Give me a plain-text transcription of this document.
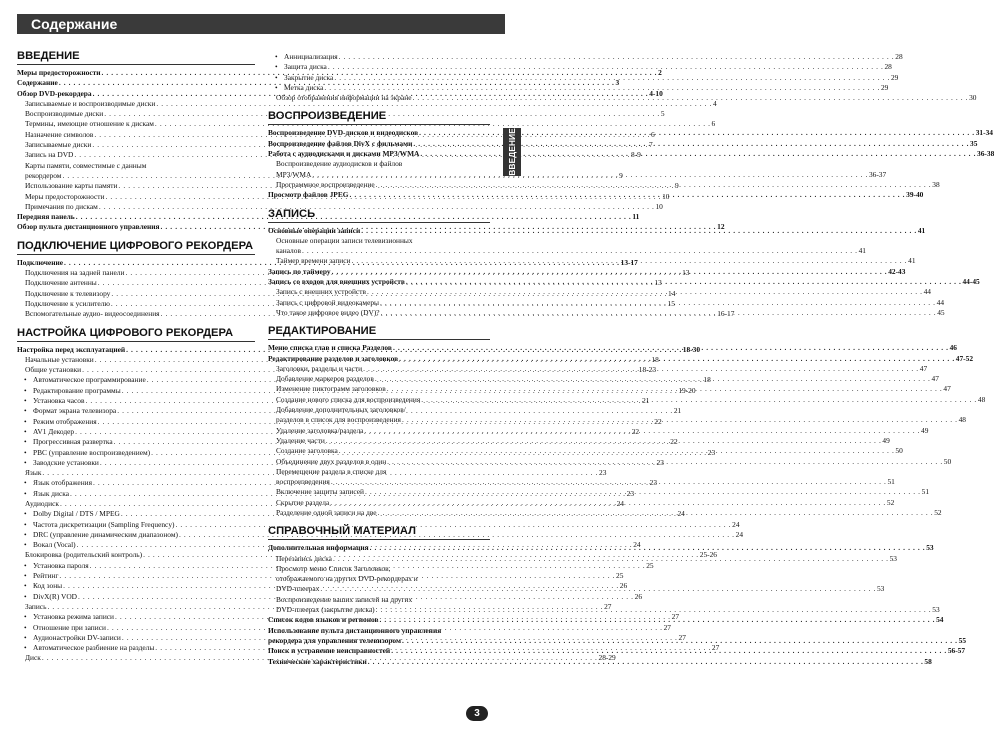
Содержание
ВВЕДЕНИЕ
Меры предосторожности . . .	2
Содержание . . .	3
Обзор DVD-рекордера . . .	4-10
Записываемые и воспроизводимые диски . . .	4
Воспроизводимые диски . . .	5
Термины, имеющие отношение к дискам . . .	6
Назначение символов . . .	6
Записываемые диски . . .	7
Запись на DVD . . .	8-9
Карты памяти, совместимые с данным
рекордером . . .	9
Использование карты памяти . . .	9
Меры предосторожности . . .	10
Примечания по дискам . . .	10
Передняя панель . . .	11
Обзор пульта дистанционного управления . . .	12
ПОДКЛЮЧЕНИЕ ЦИФРОВОГО РЕКОРДЕРА
Подключение . . .	13-17
Подключения на задней панели . . .	13
Подключение антенны . . .	13
Подключение к телевизору . . .	14
Подключение к усилителю . . .	15
Вспомогательные аудио- видеосоединения . . .	16-17
НАСТРОЙКА ЦИФРОВОГО РЕКОРДЕРА
Настройка перед эксплуатацией . . .	18-30
Начальные установки . . .	18
Общие установки . . .	18-23
• Автоматическое программирование . . .	18
• Редактирование программы . . .	19-20
• Установка часов . . .	21
• Формат экрана телевизора . . .	21
• Режим отображения . . .	22
• AV1 Декодер . . .	22
• Прогрессивная развертка . . .	22
• PBC (управление воспроизведением) . . .	23
• Заводские установки . . .	23
Язык . . .	23
• Язык отображения . . .	23
• Язык диска . . .	23
Аудиодиск . . .	24
• Dolby Digital / DTS / MPEG . . .	24
• Частота дискретизации (Sampling Frequency) . . .	24
• DRC (управление динамическим диапазоном) . . .	24
• Вокал (Vocal) . . .	24
Блокировка (родительский контроль) . . .	25-26
• Установка пароля . . .	25
• Рейтинг . . .	25
• Код зоны . . .	26
• DivX(R) VOD . . .	26
Запись . . .	27
• Установка режима записи . . .	27
• Отношение при записи . . .	27
• Аудионастройки DV-записи . . .	27
• Автоматическое разбиение на разделы . . .	27
Диск . . .	28-29
• Аннициализация . . .	28
• Защита диска . . .	28
• Закрытие диска . . .	29
• Метка диска . . .	29
Обзор отображения информации на экране . . .	30
ВОСПРОИЗВЕДЕНИЕ
Воспроизведение DVD-дисков и видеодисков . . .	31-34
Воспроизведение файлов DivX с фильмами . . .	35
Работа с аудиодисками и дисками MP3/WMA . . .	36-38
Воспроизведение аудиодисков и файлов
MP3/WMA . . .	36-37
Программное воспроизведение . . .	38
Просмотр файлов JPEG . . .	39-40
ЗАПИСЬ
Основные операции записи . . .	41
Основные операции записи телевизионных
каналов . . .	41
Таймер времени записи . . .	41
Запись по таймеру . . .	42-43
Запись со входов для внешних устройств . . .	44-45
Запись с внешних устройств . . .	44
Запись с цифровой видеокамеры . . .	44
Что такое цифровое видео (DV)? . . .	45
РЕДАКТИРОВАНИЕ
Меню списка глав и списка Разделов . . .	46
Редактирование разделов и заголовков . . .	47-52
Заголовки, разделы и части . . .	47
Добавление маркеров разделов . . .	47
Изменение пиктограмм заголовков . . .	47
Создание нового списка для воспроизведения . . .	48
Добавление дополнительных заголовков/
разделов в список для воспроизведения . . .	48
Удаление заголовка/раздела . . .	49
Удаление части . . .	49
Создание заголовка . . .	50
Объединение двух разделов в один . . .	50
Перемещение раздела в списке для
воспроизведения . . .	51
Включение защиты записей . . .	51
Скрытие раздела . . .	52
Разделение одной записи на две . . .	52
СПРАВОЧНЫЙ МАТЕРИАЛ
Дополнительная информация . . .	53
Перезапись диска . . .	53
Просмотр меню Список Заголовков,
отображаемого на других DVD-рекордерах и
DVD-плеерах . . .	53
Воспроизведение ваших записей на других
DVD-плеерах (закрытие диска) . . .	53
Список кодов языков и регионов . . .	54
Использование пульта дистанционного управления
рекордера для управления телевизором . . .	55
Поиск и устранение неисправностей . . .	56-57
Технические характеристики . . .	58
ВВЕДЕНИЕ
3
